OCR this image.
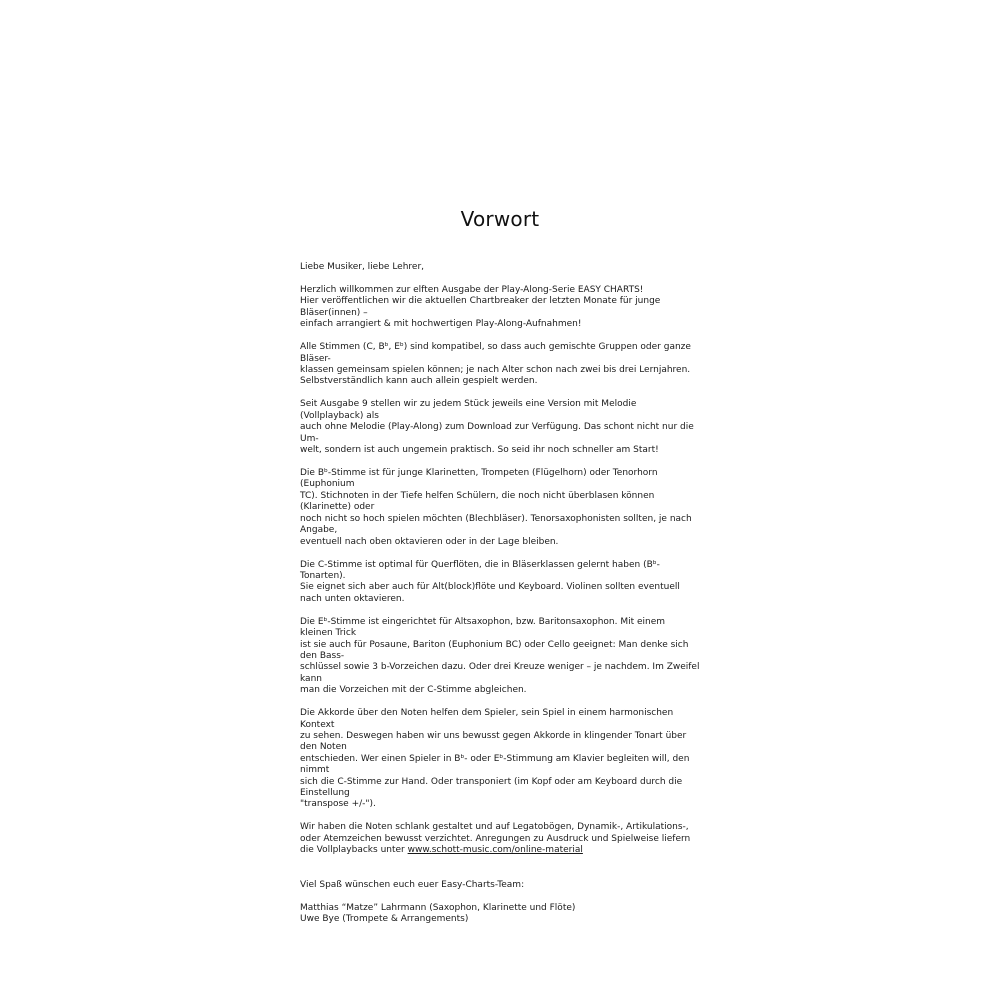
Vorwort

Liebe Musiker, liebe Lehrer,

Herzlich willkommen zur elften Ausgabe der Play-Along-Serie EASY CHARTS!
Hier veröffentlichen wir die aktuellen Chartbreaker der letzten Monate für junge Bläser(innen) –
einfach arrangiert & mit hochwertigen Play-Along-Aufnahmen!

Alle Stimmen (C, Bᵇ, Eᵇ) sind kompatibel, so dass auch gemischte Gruppen oder ganze Bläser-
klassen gemeinsam spielen können; je nach Alter schon nach zwei bis drei Lernjahren.
Selbstverständlich kann auch allein gespielt werden.

Seit Ausgabe 9 stellen wir zu jedem Stück jeweils eine Version mit Melodie (Vollplayback) als
auch ohne Melodie (Play-Along) zum Download zur Verfügung. Das schont nicht nur die Um-
welt, sondern ist auch ungemein praktisch. So seid ihr noch schneller am Start!

Die Bᵇ-Stimme ist für junge Klarinetten, Trompeten (Flügelhorn) oder Tenorhorn (Euphonium
TC). Stichnoten in der Tiefe helfen Schülern, die noch nicht überblasen können (Klarinette) oder
noch nicht so hoch spielen möchten (Blechbläser). Tenorsaxophonisten sollten, je nach Angabe,
eventuell nach oben oktavieren oder in der Lage bleiben.

Die C-Stimme ist optimal für Querflöten, die in Bläserklassen gelernt haben (Bᵇ-Tonarten).
Sie eignet sich aber auch für Alt(block)flöte und Keyboard. Violinen sollten eventuell
nach unten oktavieren.

Die Eᵇ-Stimme ist eingerichtet für Altsaxophon, bzw. Baritonsaxophon. Mit einem kleinen Trick
ist sie auch für Posaune, Bariton (Euphonium BC) oder Cello geeignet: Man denke sich den Bass-
schlüssel sowie 3 b-Vorzeichen dazu. Oder drei Kreuze weniger – je nachdem. Im Zweifel kann
man die Vorzeichen mit der C-Stimme abgleichen.

Die Akkorde über den Noten helfen dem Spieler, sein Spiel in einem harmonischen Kontext
zu sehen. Deswegen haben wir uns bewusst gegen Akkorde in klingender Tonart über den Noten
entschieden. Wer einen Spieler in Bᵇ- oder Eᵇ-Stimmung am Klavier begleiten will, den nimmt
sich die C-Stimme zur Hand. Oder transponiert (im Kopf oder am Keyboard durch die Einstellung
"transpose +/-").

Wir haben die Noten schlank gestaltet und auf Legatobögen, Dynamik-, Artikulations-,
oder Atemzeichen bewusst verzichtet. Anregungen zu Ausdruck und Spielweise liefern
die Vollplaybacks unter www.schott-music.com/online-material

Viel Spaß wünschen euch euer Easy-Charts-Team:

Matthias “Matze” Lahrmann (Saxophon, Klarinette und Flöte)

Uwe Bye (Trompete & Arrangements)
